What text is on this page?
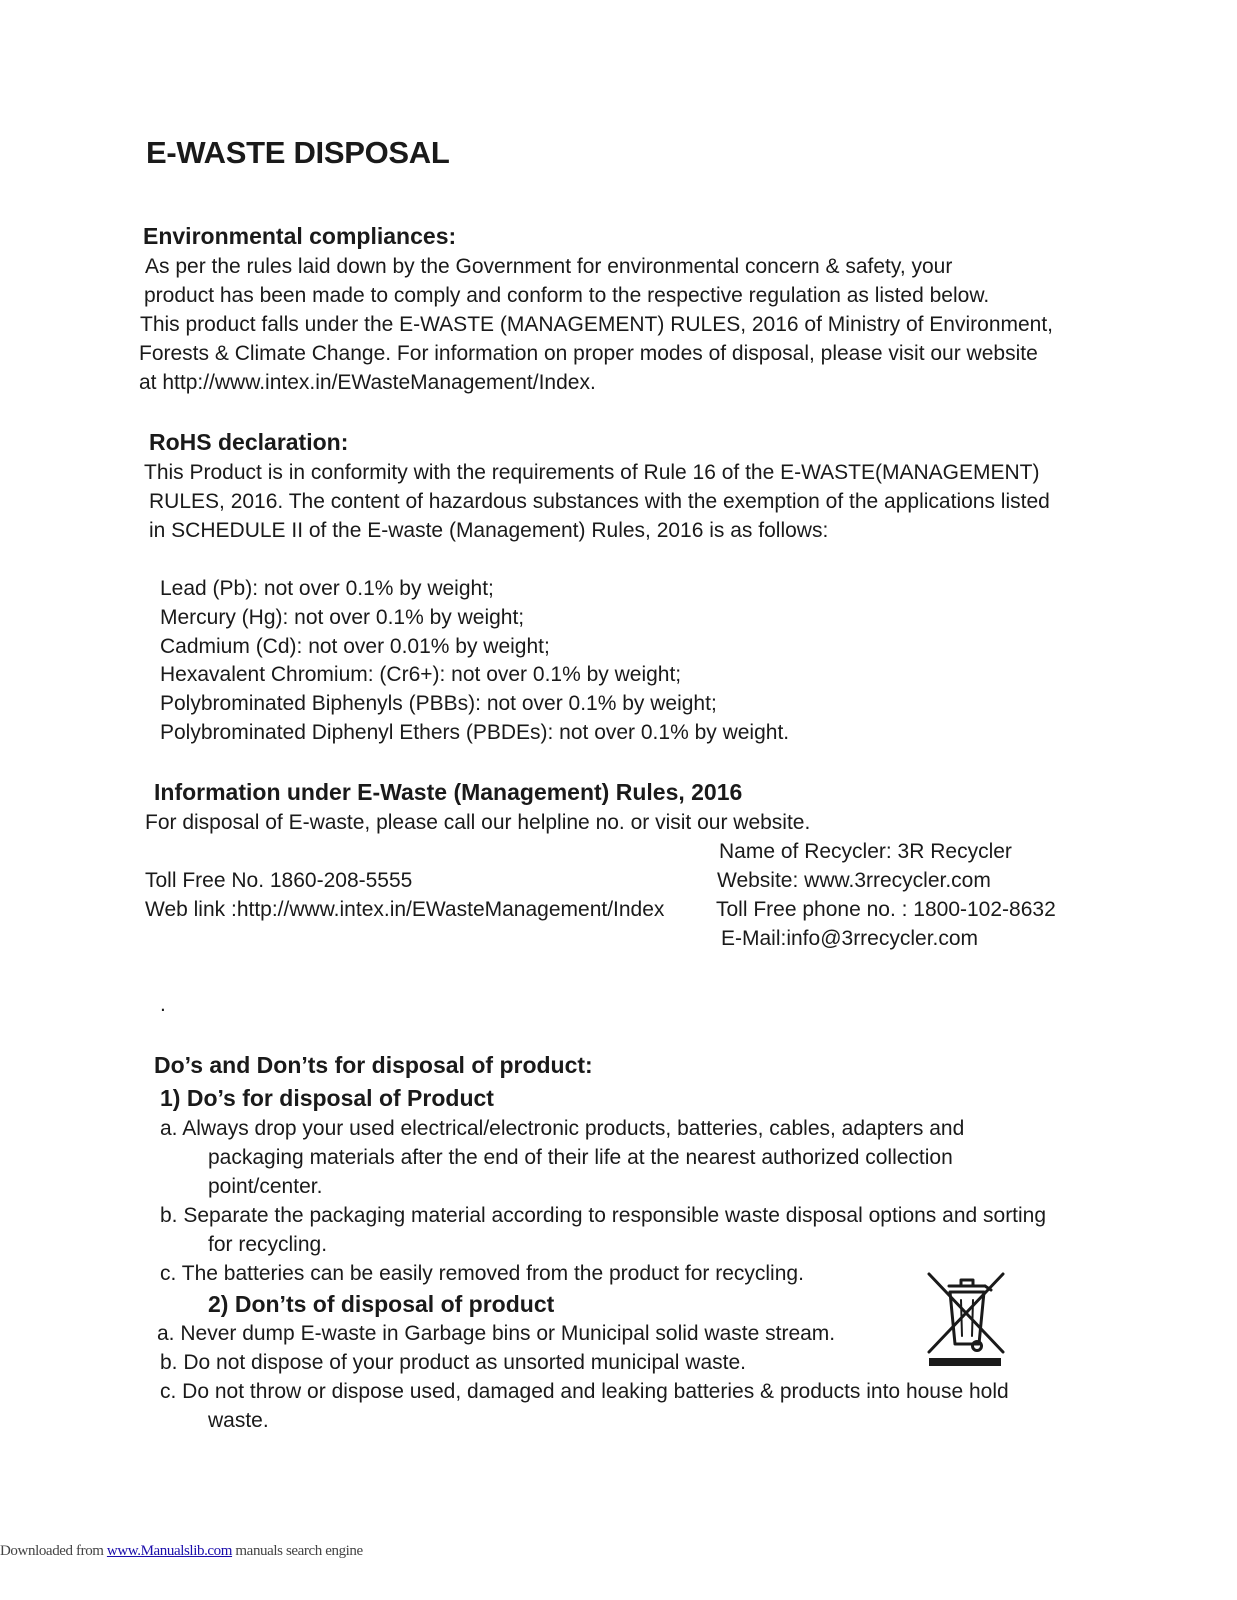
E-WASTE DISPOSAL
Environmental compliances:
As per the rules laid down by the Government for environmental concern & safety, your
product has been made to comply and conform to the respective regulation as listed below.
This product falls under the E-WASTE (MANAGEMENT) RULES, 2016 of Ministry of Environment,
Forests & Climate Change. For information on proper modes of disposal, please visit our website
at http://www.intex.in/EWasteManagement/Index.
RoHS declaration:
This Product is in conformity with the requirements of Rule 16 of the E-WASTE(MANAGEMENT)
RULES, 2016. The content of hazardous substances with the exemption of the applications listed
in SCHEDULE II of the E-waste (Management) Rules, 2016 is as follows:
Lead (Pb): not over 0.1% by weight;
Mercury (Hg): not over 0.1% by weight;
Cadmium (Cd): not over 0.01% by weight;
Hexavalent Chromium: (Cr6+): not over 0.1% by weight;
Polybrominated Biphenyls (PBBs): not over 0.1% by weight;
Polybrominated Diphenyl Ethers (PBDEs): not over 0.1% by weight.
Information under E-Waste (Management) Rules, 2016
For disposal of E-waste, please call our helpline no. or visit our website.
Name of Recycler: 3R Recycler
Toll Free No. 1860-208-5555	Website: www.3rrecycler.com
Web link :http://www.intex.in/EWasteManagement/Index Toll Free phone no. : 1800-102-8632
E-Mail:info@3rrecycler.com
.
Do’s and Don’ts for disposal of product:
1) Do’s for disposal of Product
a. Always drop your used electrical/electronic products, batteries, cables, adapters and
packaging materials after the end of their life at the nearest authorized collection
point/center.
b. Separate the packaging material according to responsible waste disposal options and sorting
for recycling.
c. The batteries can be easily removed from the product for recycling.
2) Don’ts of disposal of product
a. Never dump E-waste in Garbage bins or Municipal solid waste stream.
b. Do not dispose of your product as unsorted municipal waste.
c. Do not throw or dispose used, damaged and leaking batteries & products into house hold
waste.
Downloaded from www.Manualslib.com manuals search engine
